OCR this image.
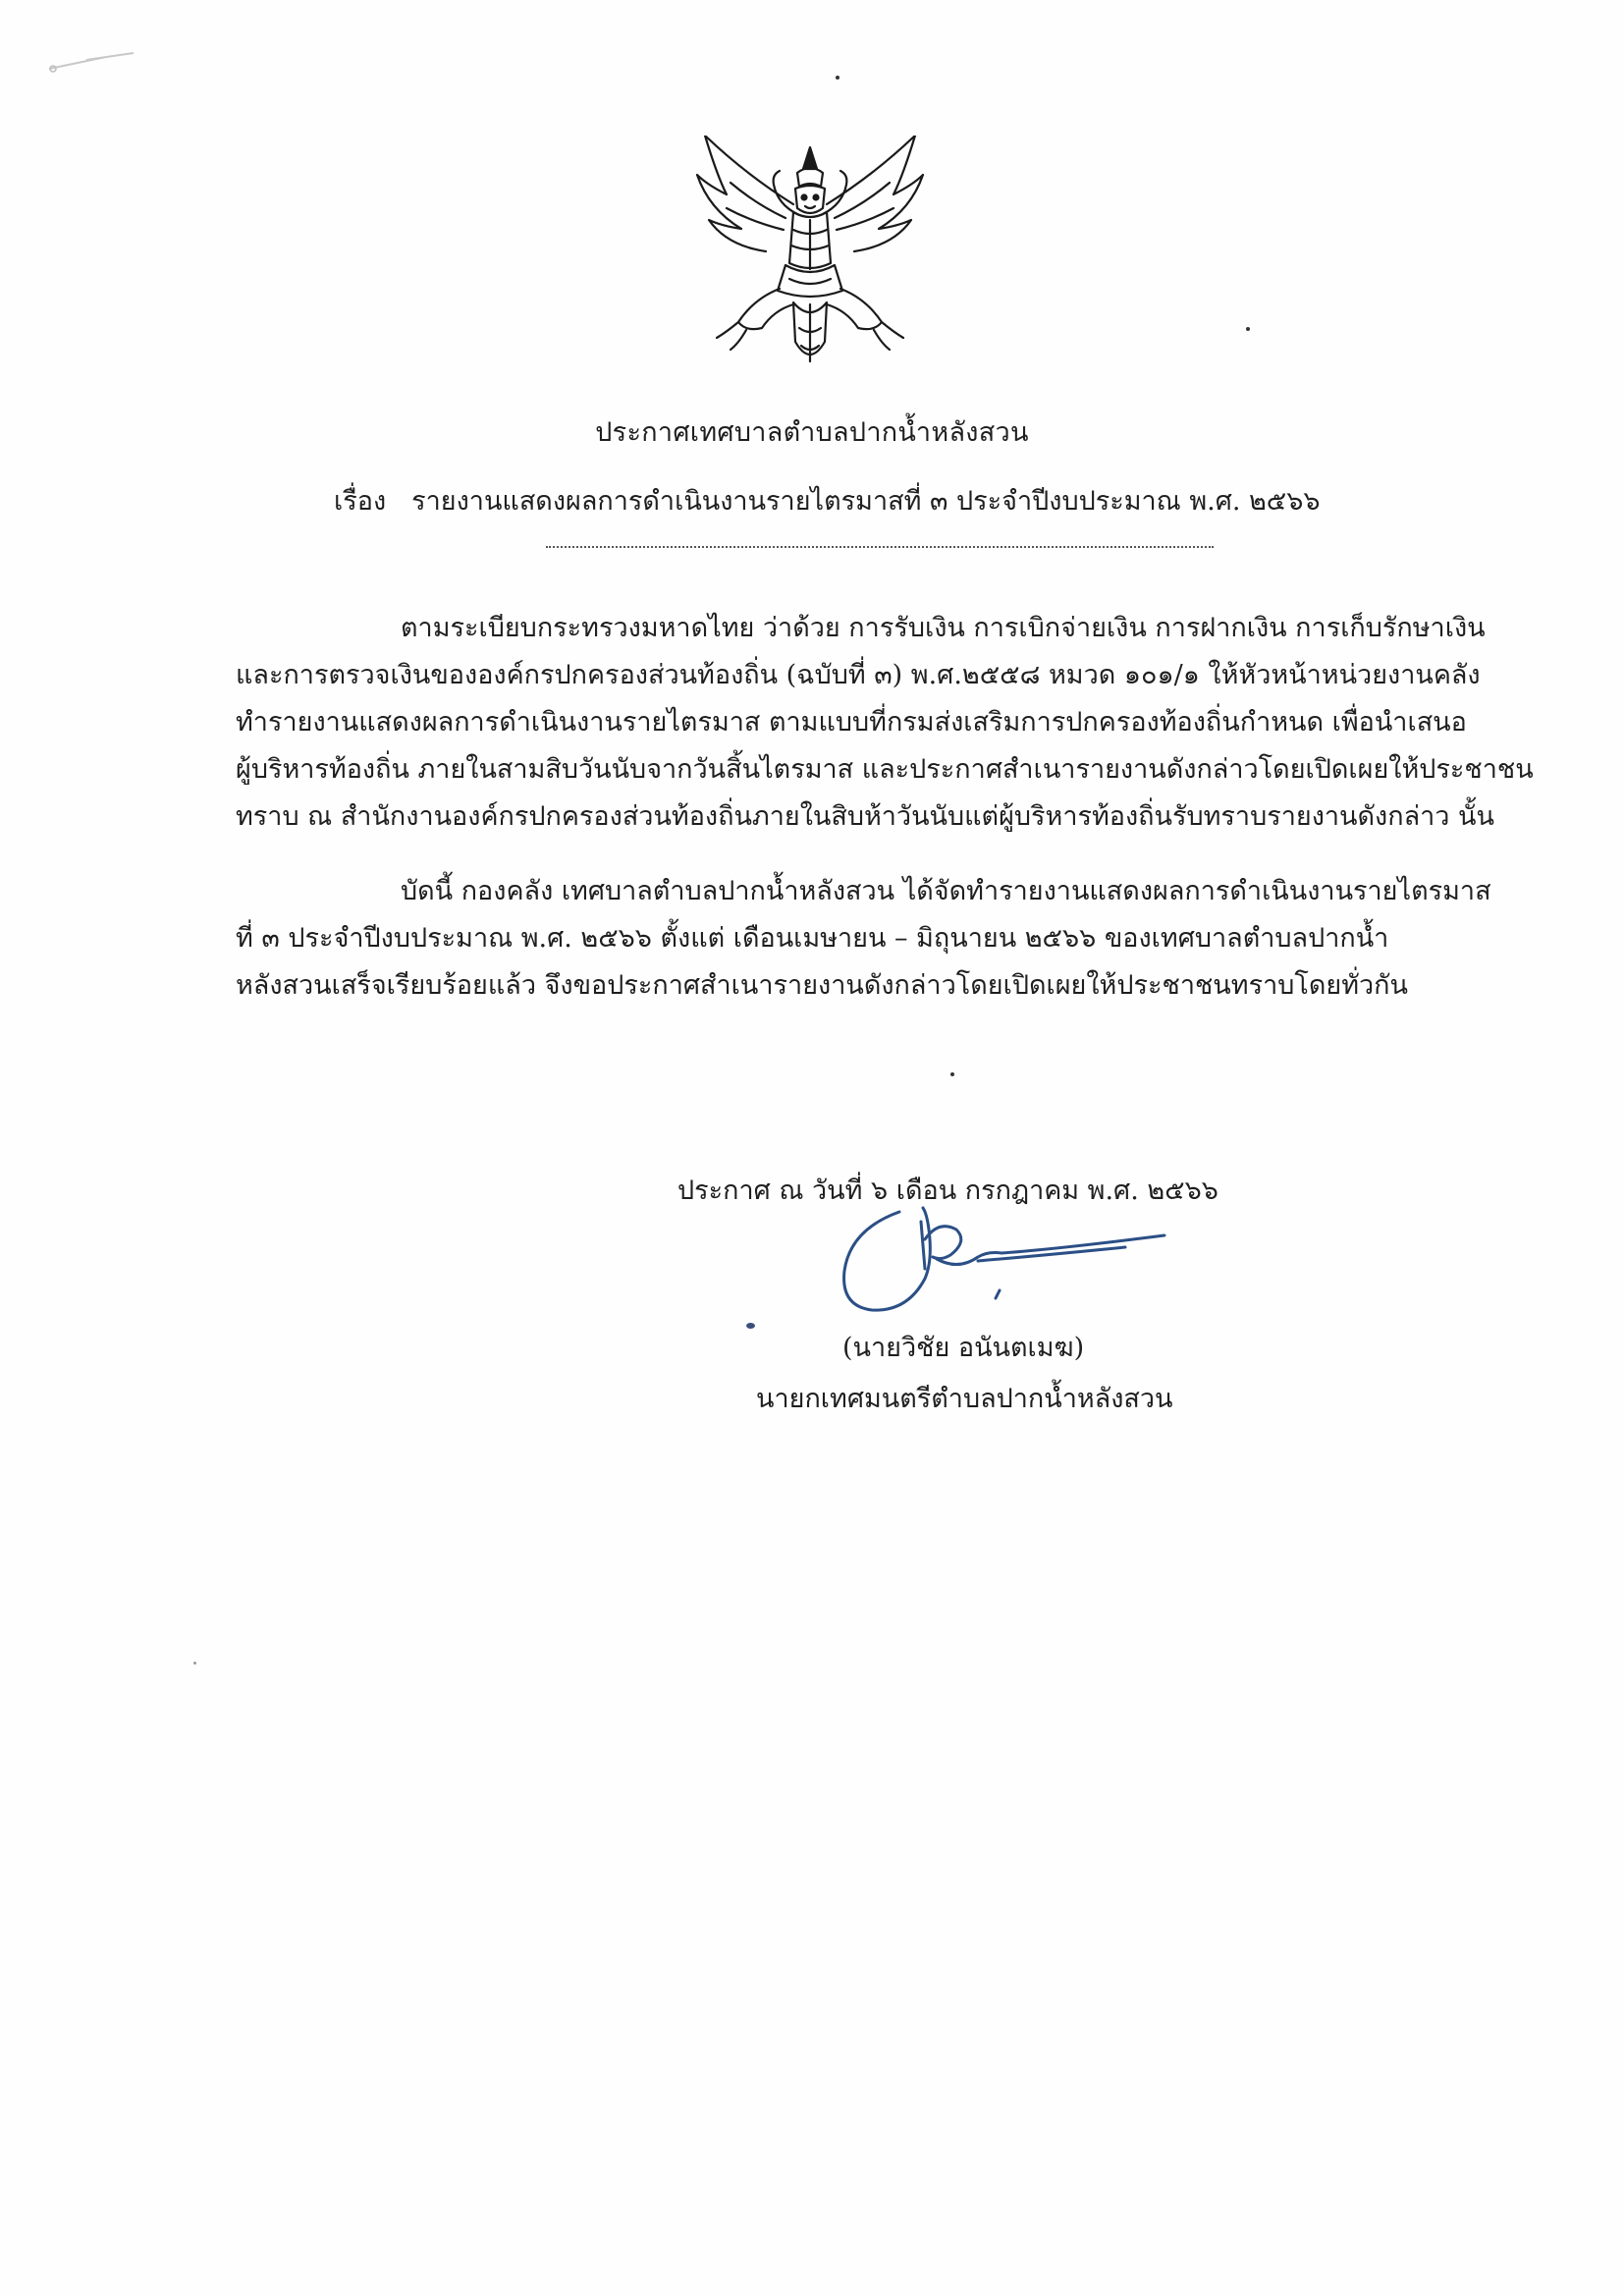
ประกาศเทศบาลตำบลปากน้ำหลังสวน
เรื่อง รายงานแสดงผลการดำเนินงานรายไตรมาสที่ ๓ ประจำปีงบประมาณ พ.ศ. ๒๕๖๖
ตามระเบียบกระทรวงมหาดไทย ว่าด้วย การรับเงิน การเบิกจ่ายเงิน การฝากเงิน การเก็บรักษาเงิน
และการตรวจเงินขององค์กรปกครองส่วนท้องถิ่น (ฉบับที่ ๓) พ.ศ.๒๕๕๘ หมวด ๑๐๑/๑ ให้หัวหน้าหน่วยงานคลัง
ทำรายงานแสดงผลการดำเนินงานรายไตรมาส ตามแบบที่กรมส่งเสริมการปกครองท้องถิ่นกำหนด เพื่อนำเสนอ
ผู้บริหารท้องถิ่น ภายในสามสิบวันนับจากวันสิ้นไตรมาส และประกาศสำเนารายงานดังกล่าวโดยเปิดเผยให้ประชาชน
ทราบ ณ สำนักงานองค์กรปกครองส่วนท้องถิ่นภายในสิบห้าวันนับแต่ผู้บริหารท้องถิ่นรับทราบรายงานดังกล่าว นั้น
บัดนี้ กองคลัง เทศบาลตำบลปากน้ำหลังสวน ได้จัดทำรายงานแสดงผลการดำเนินงานรายไตรมาส
ที่ ๓ ประจำปีงบประมาณ พ.ศ. ๒๕๖๖ ตั้งแต่ เดือนเมษายน – มิถุนายน ๒๕๖๖ ของเทศบาลตำบลปากน้ำ
หลังสวนเสร็จเรียบร้อยแล้ว จึงขอประกาศสำเนารายงานดังกล่าวโดยเปิดเผยให้ประชาชนทราบโดยทั่วกัน
ประกาศ ณ วันที่ ๖ เดือน กรกฎาคม พ.ศ. ๒๕๖๖
(นายวิชัย อนันตเมฆ)
นายกเทศมนตรีตำบลปากน้ำหลังสวน
